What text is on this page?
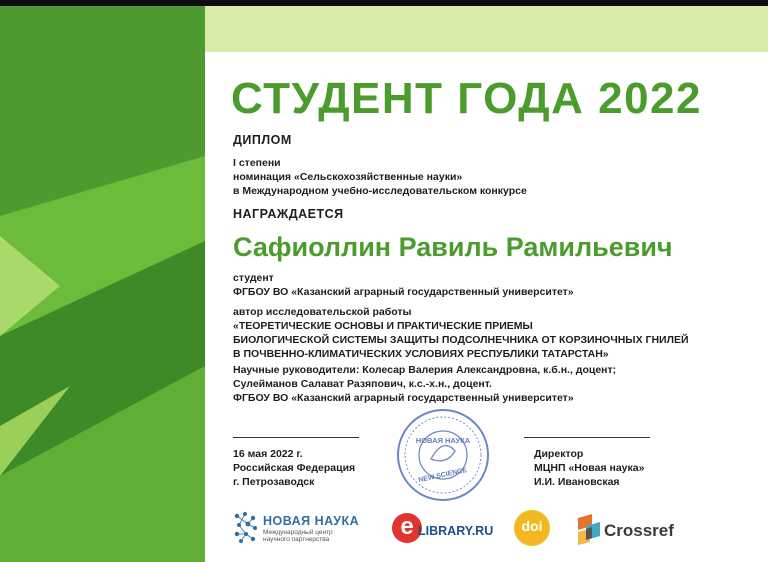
СТУДЕНТ ГОДА 2022
ДИПЛОМ
I степени
номинация «Сельскохозяйственные науки»
в Международном учебно-исследовательском конкурсе
НАГРАЖДАЕТСЯ
Сафиоллин Равиль Рамильевич
студент
ФГБОУ ВО «Казанский аграрный государственный университет»
автор исследовательской работы
«ТЕОРЕТИЧЕСКИЕ ОСНОВЫ И ПРАКТИЧЕСКИЕ ПРИЕМЫ
БИОЛОГИЧЕСКОЙ СИСТЕМЫ ЗАЩИТЫ ПОДСОЛНЕЧНИКА ОТ КОРЗИНОЧНЫХ ГНИЛЕЙ
В ПОЧВЕННО-КЛИМАТИЧЕСКИХ УСЛОВИЯХ РЕСПУБЛИКИ ТАТАРСТАН»
Научные руководители: Колесар Валерия Александровна, к.б.н., доцент;
Сулейманов Салават Разяпович, к.с.-х.н., доцент.
ФГБОУ ВО «Казанский аграрный государственный университет»
16 мая 2022 г.
Российская Федерация
г. Петрозаводск
Директор
МЦНП «Новая наука»
И.И. Ивановская
НОВАЯ НАУКА
NEW SCIENCE
НОВАЯ НАУКА
Международный центр
научного партнерства	e LIBRARY.RU	doi	Crossref
